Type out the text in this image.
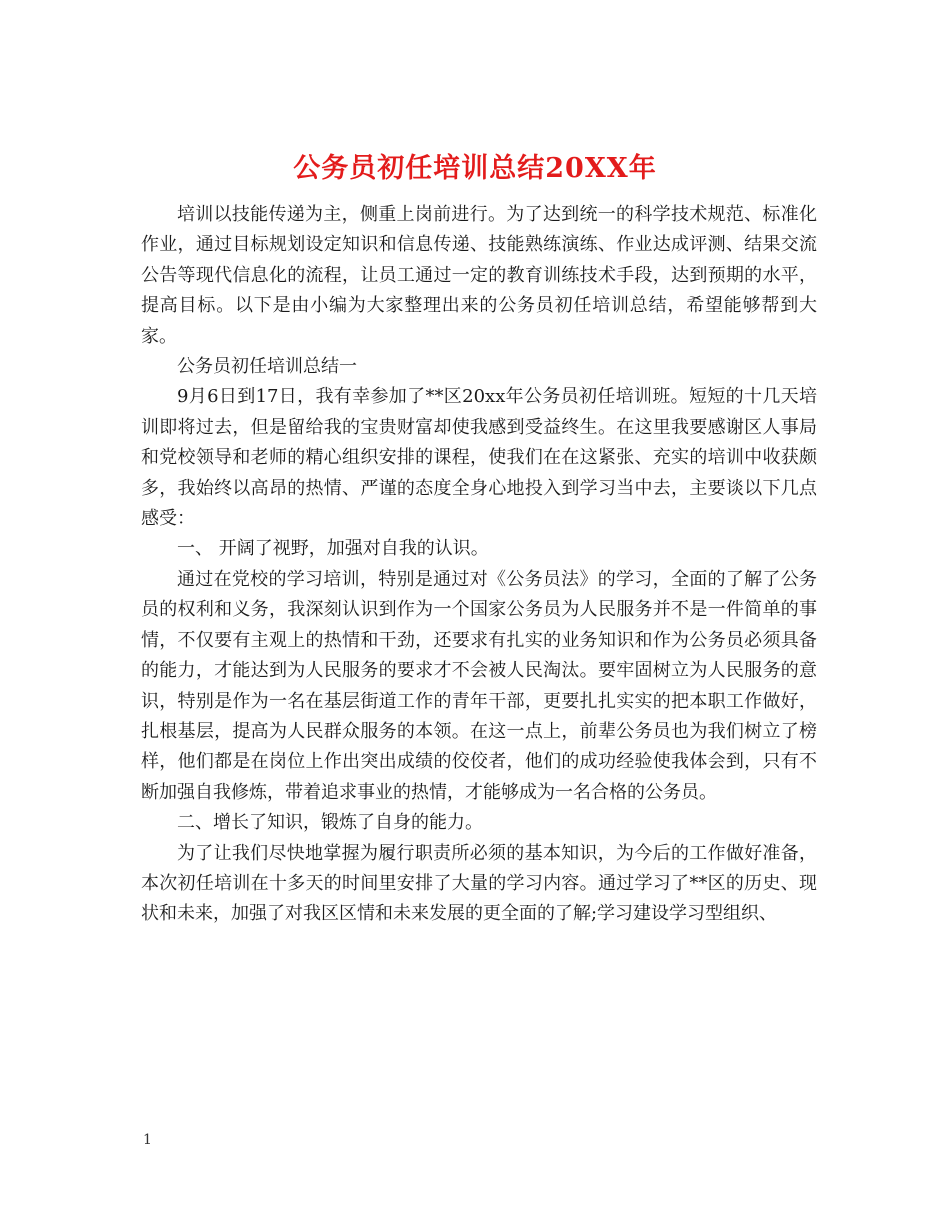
公务员初任培训总结20XX年

培训以技能传递为主，侧重上岗前进行。为了达到统一的科学技术规范、标准化作业，通过目标规划设定知识和信息传递、技能熟练演练、作业达成评测、结果交流公告等现代信息化的流程，让员工通过一定的教育训练技术手段，达到预期的水平，提高目标。以下是由小编为大家整理出来的公务员初任培训总结，希望能够帮到大家。

公务员初任培训总结一

9月6日到17日，我有幸参加了**区20xx年公务员初任培训班。短短的十几天培训即将过去，但是留给我的宝贵财富却使我感到受益终生。在这里我要感谢区人事局和党校领导和老师的精心组织安排的课程，使我们在在这紧张、充实的培训中收获颇多，我始终以高昂的热情、严谨的态度全身心地投入到学习当中去，主要谈以下几点感受：

一、 开阔了视野，加强对自我的认识。

通过在党校的学习培训，特别是通过对《公务员法》的学习，全面的了解了公务员的权利和义务，我深刻认识到作为一个国家公务员为人民服务并不是一件简单的事情，不仅要有主观上的热情和干劲，还要求有扎实的业务知识和作为公务员必须具备的能力，才能达到为人民服务的要求才不会被人民淘汰。要牢固树立为人民服务的意识，特别是作为一名在基层街道工作的青年干部，更要扎扎实实的把本职工作做好，扎根基层，提高为人民群众服务的本领。在这一点上，前辈公务员也为我们树立了榜样，他们都是在岗位上作出突出成绩的佼佼者，他们的成功经验使我体会到，只有不断加强自我修炼，带着追求事业的热情，才能够成为一名合格的公务员。

二、增长了知识，锻炼了自身的能力。

为了让我们尽快地掌握为履行职责所必须的基本知识，为今后的工作做好准备，本次初任培训在十多天的时间里安排了大量的学习内容。通过学习了**区的历史、现状和未来，加强了对我区区情和未来发展的更全面的了解;学习建设学习型组织、

1
